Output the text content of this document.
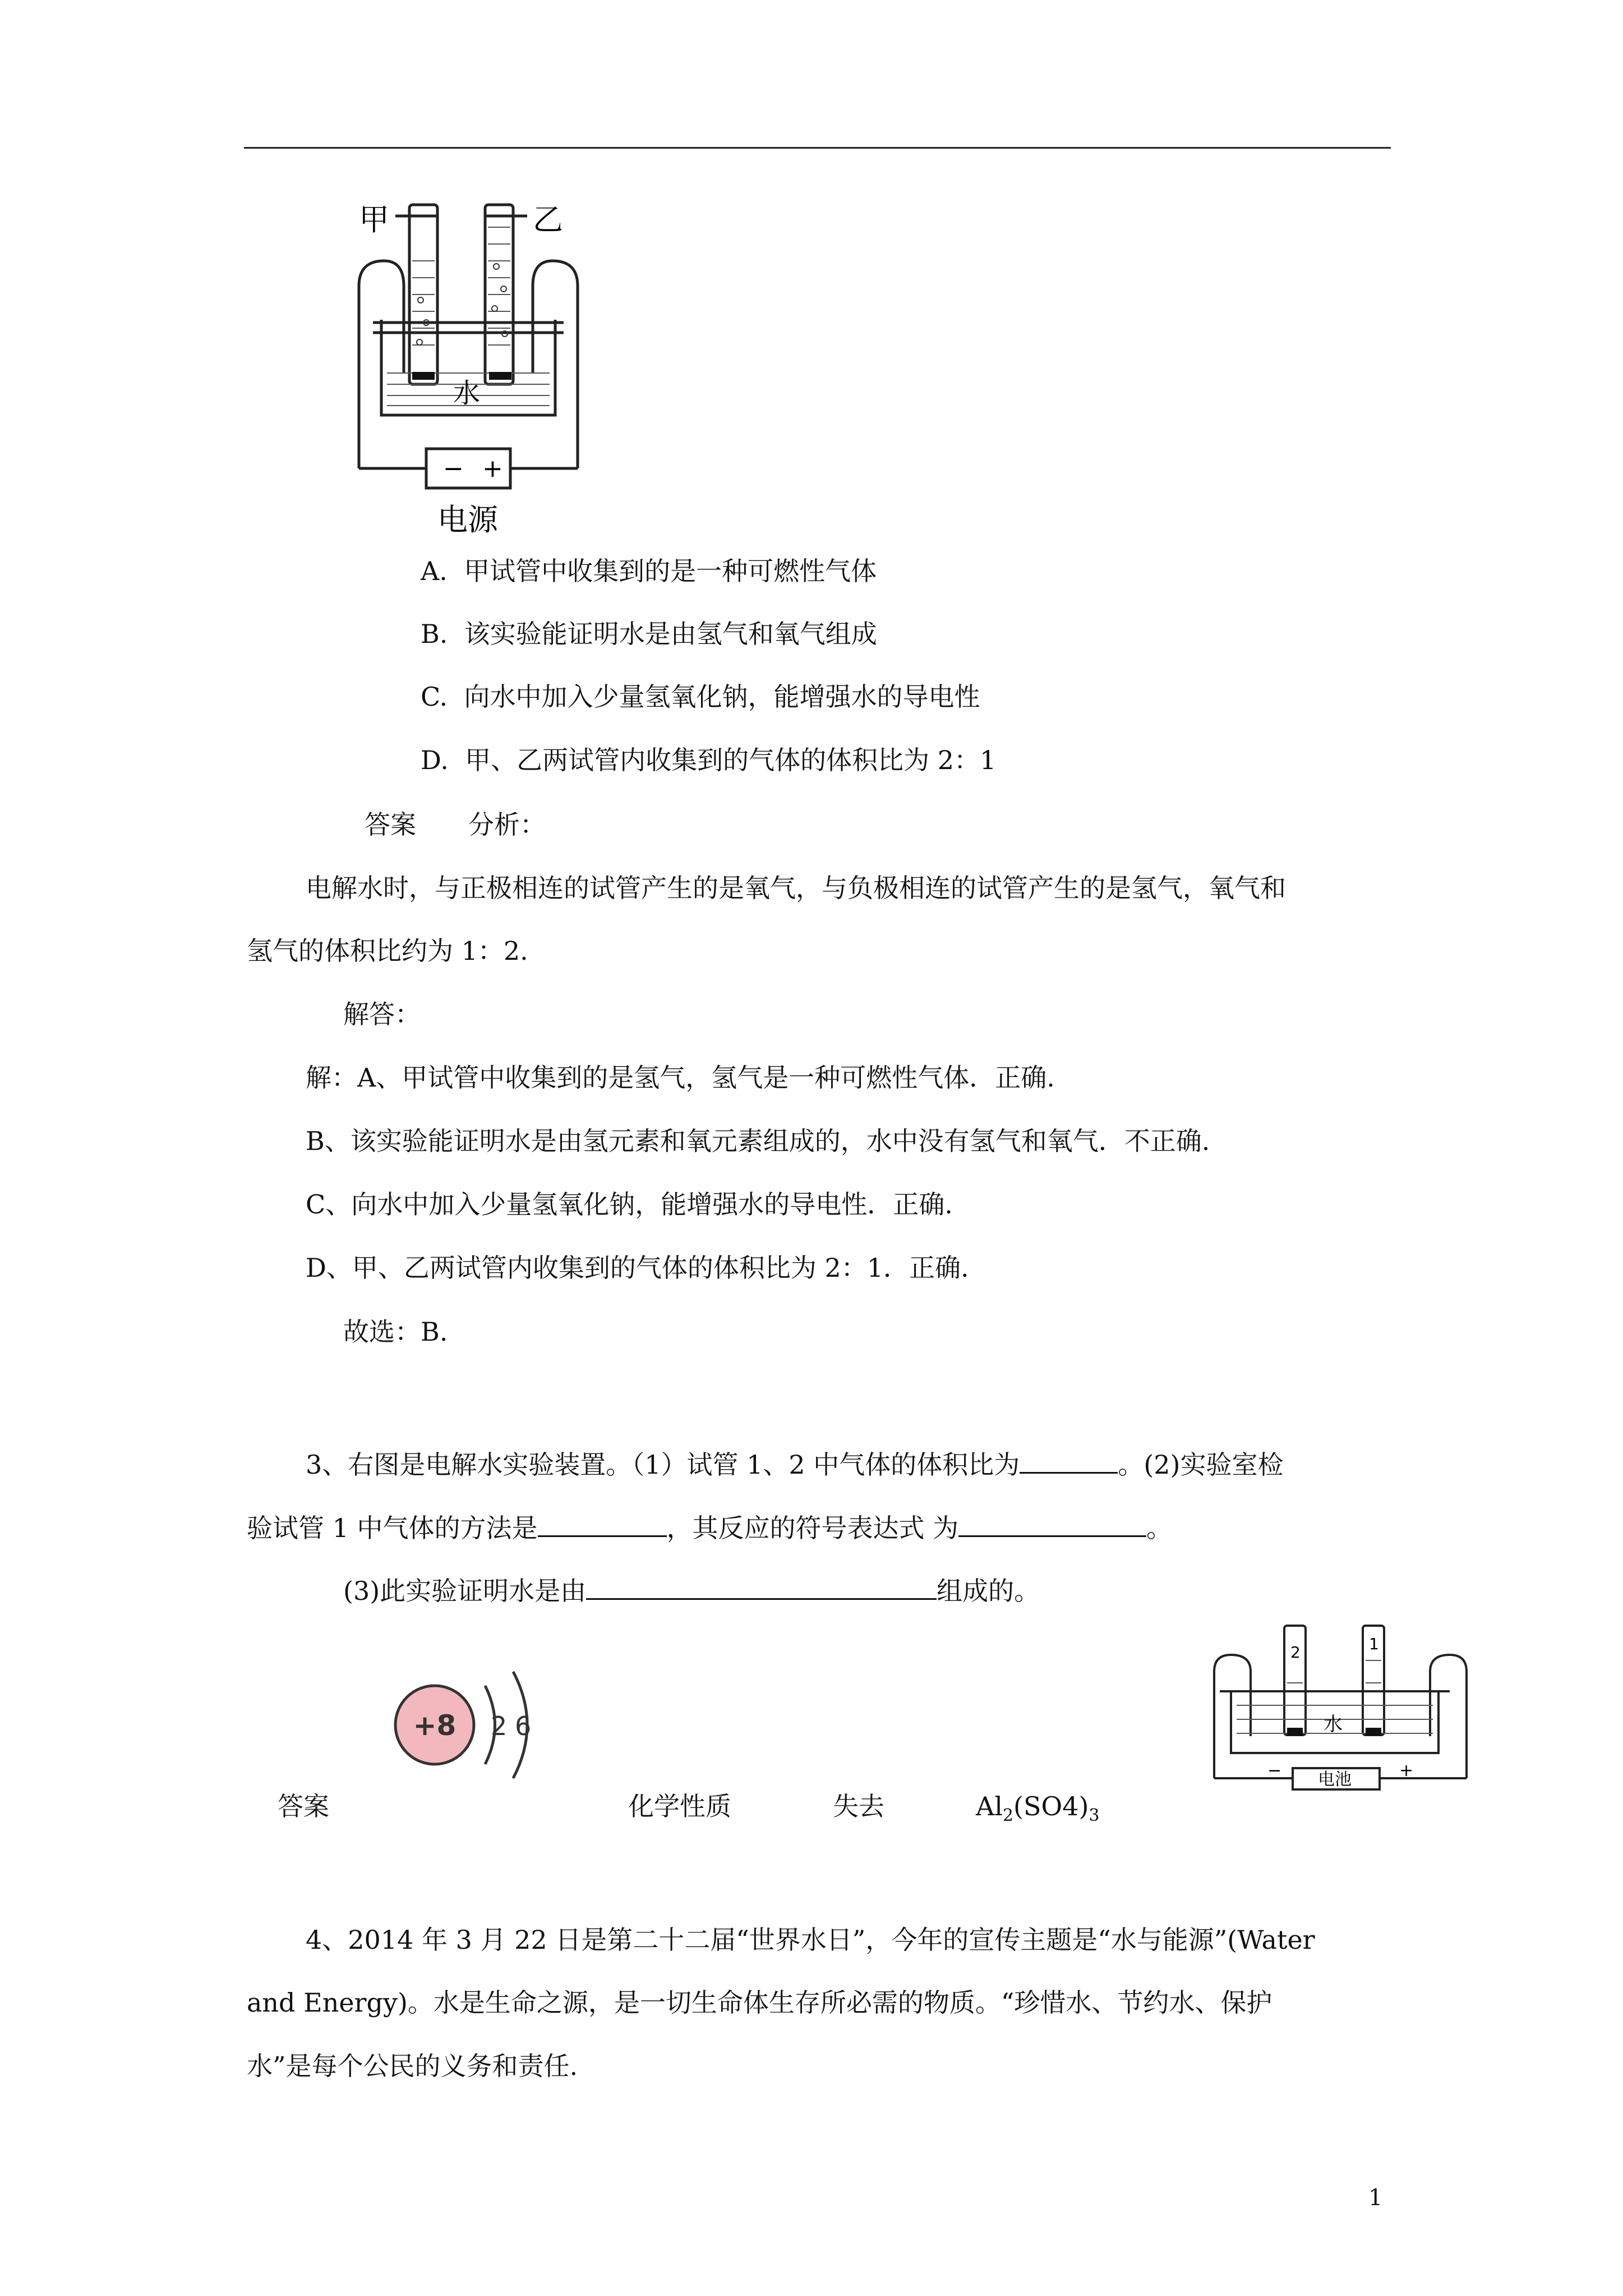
甲	乙
水
− +
电源
A. 甲试管中收集到的是一种可燃性气体
B. 该实验能证明水是由氢气和氧气组成
C. 向水中加入少量氢氧化钠，能增强水的导电性
D. 甲、乙两试管内收集到的气体的体积比为 2：1
答案 分析：
电解水时，与正极相连的试管产生的是氧气，与负极相连的试管产生的是氢气，氧气和
氢气的体积比约为 1：2.
解答：
解：A、甲试管中收集到的是氢气，氢气是一种可燃性气体．正确.
B、该实验能证明水是由氢元素和氧元素组成的，水中没有氢气和氧气．不正确.
C、向水中加入少量氢氧化钠，能增强水的导电性．正确.
D、甲、乙两试管内收集到的气体的体积比为 2：1．正确.
故选：B.
3、右图是电解水实验装置。（1）试管 1、2 中气体的体积比为	。(2)实验室检
验试管 1 中气体的方法是	，其反应的符号表达式 为	。
(3)此实验证明水是由	组成的。
+8 2 6
答案	化学性质	失去	$Al_2(SO4)_3$
2	1
水
电池
−	+
4、2014 年 3 月 22 日是第二十二届“世界水日”，今年的宣传主题是“水与能源”(Water
and Energy)。水是生命之源，是一切生命体生存所必需的物质。“珍惜水、节约水、保护
水”是每个公民的义务和责任.
1
